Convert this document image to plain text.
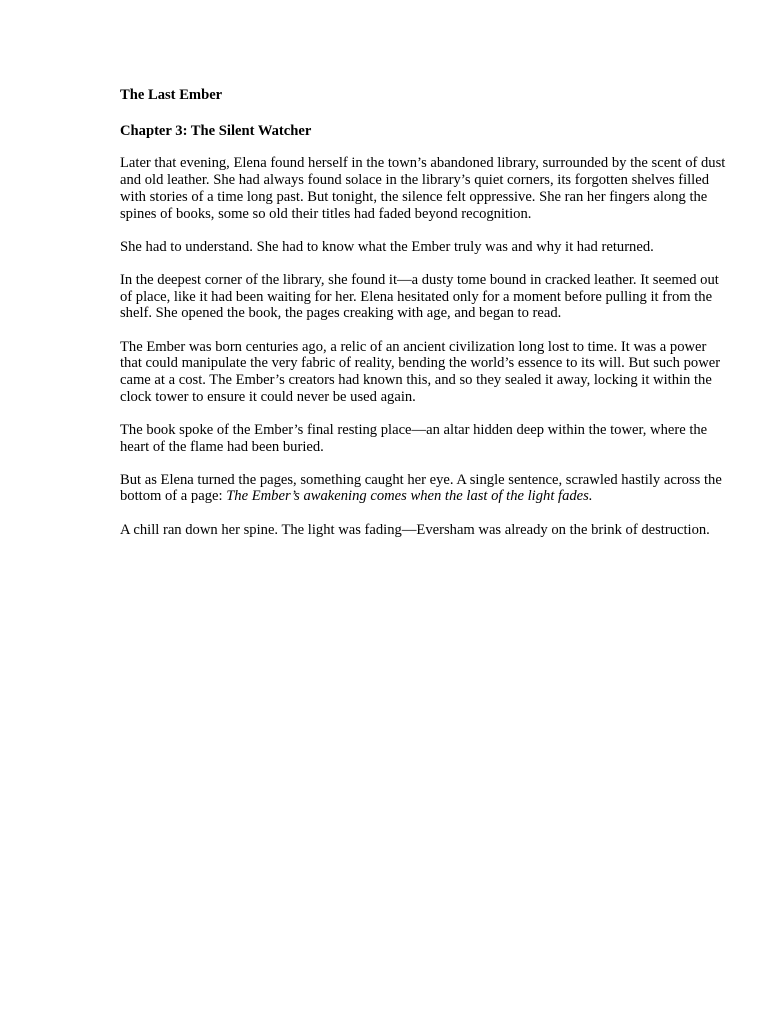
The Last Ember
Chapter 3: The Silent Watcher

Later that evening, Elena found herself in the town’s abandoned library, surrounded by the scent of dust and old leather. She had always found solace in the library’s quiet corners, its forgotten shelves filled with stories of a time long past. But tonight, the silence felt oppressive. She ran her fingers along the spines of books, some so old their titles had faded beyond recognition.

She had to understand. She had to know what the Ember truly was and why it had returned.

In the deepest corner of the library, she found it—a dusty tome bound in cracked leather. It seemed out of place, like it had been waiting for her. Elena hesitated only for a moment before pulling it from the shelf. She opened the book, the pages creaking with age, and began to read.

The Ember was born centuries ago, a relic of an ancient civilization long lost to time. It was a power that could manipulate the very fabric of reality, bending the world’s essence to its will. But such power came at a cost. The Ember’s creators had known this, and so they sealed it away, locking it within the clock tower to ensure it could never be used again.

The book spoke of the Ember’s final resting place—an altar hidden deep within the tower, where the heart of the flame had been buried.

But as Elena turned the pages, something caught her eye. A single sentence, scrawled hastily across the bottom of a page: The Ember’s awakening comes when the last of the light fades.

A chill ran down her spine. The light was fading—Eversham was already on the brink of destruction.
